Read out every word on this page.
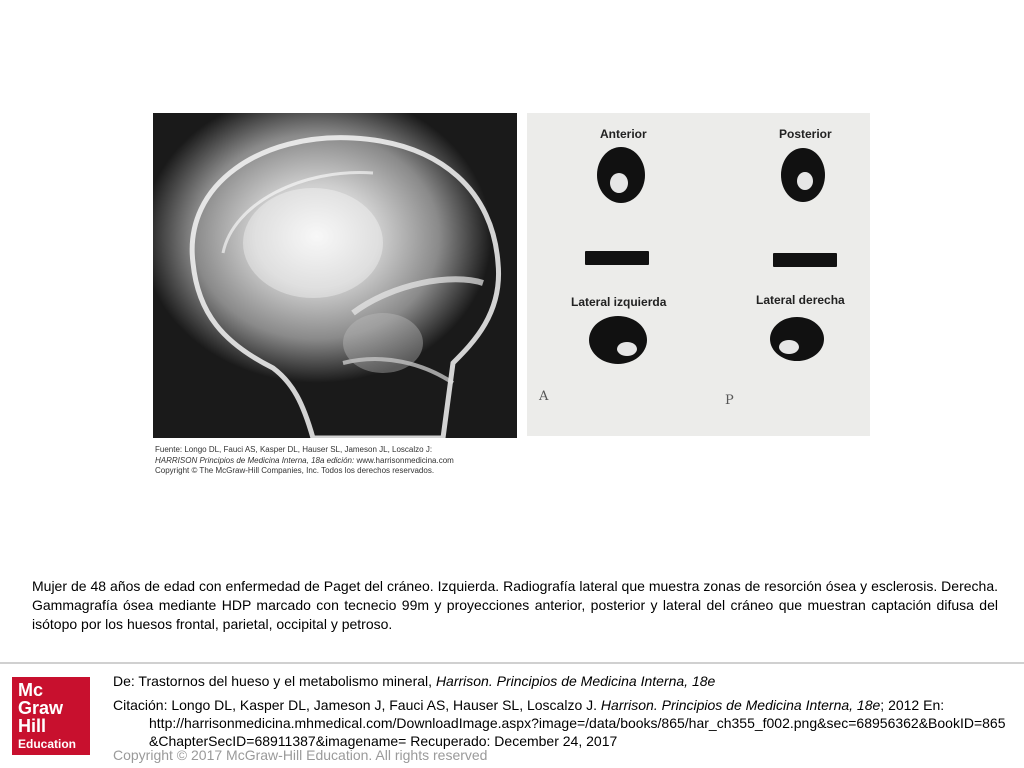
Anterior	Posterior
Lateral izquierda	Lateral derecha
A	P
Fuente: Longo DL, Fauci AS, Kasper DL, Hauser SL, Jameson JL, Loscalzo J:
HARRISON Principios de Medicina Interna, 18a edición: www.harrisonmedicina.com
Copyright © The McGraw-Hill Companies, Inc. Todos los derechos reservados.
Mujer de 48 años de edad con enfermedad de Paget del cráneo. Izquierda. Radiografía lateral que muestra zonas de resorción ósea y esclerosis. Derecha. Gammagrafía ósea mediante HDP marcado con tecnecio 99m y proyecciones anterior, posterior y lateral del cráneo que muestran captación difusa del isótopo por los huesos frontal, parietal, occipital y petroso.
Mc
Graw
Hill
Education
De: Trastornos del hueso y el metabolismo mineral, Harrison. Principios de Medicina Interna, 18e
Citación: Longo DL, Kasper DL, Jameson J, Fauci AS, Hauser SL, Loscalzo J. Harrison. Principios de Medicina Interna, 18e; 2012 En:
http://harrisonmedicina.mhmedical.com/DownloadImage.aspx?image=/data/books/865/har_ch355_f002.png&sec=68956362&BookID=865&ChapterSecID=68911387&imagename= Recuperado: December 24, 2017
Copyright © 2017 McGraw-Hill Education. All rights reserved
